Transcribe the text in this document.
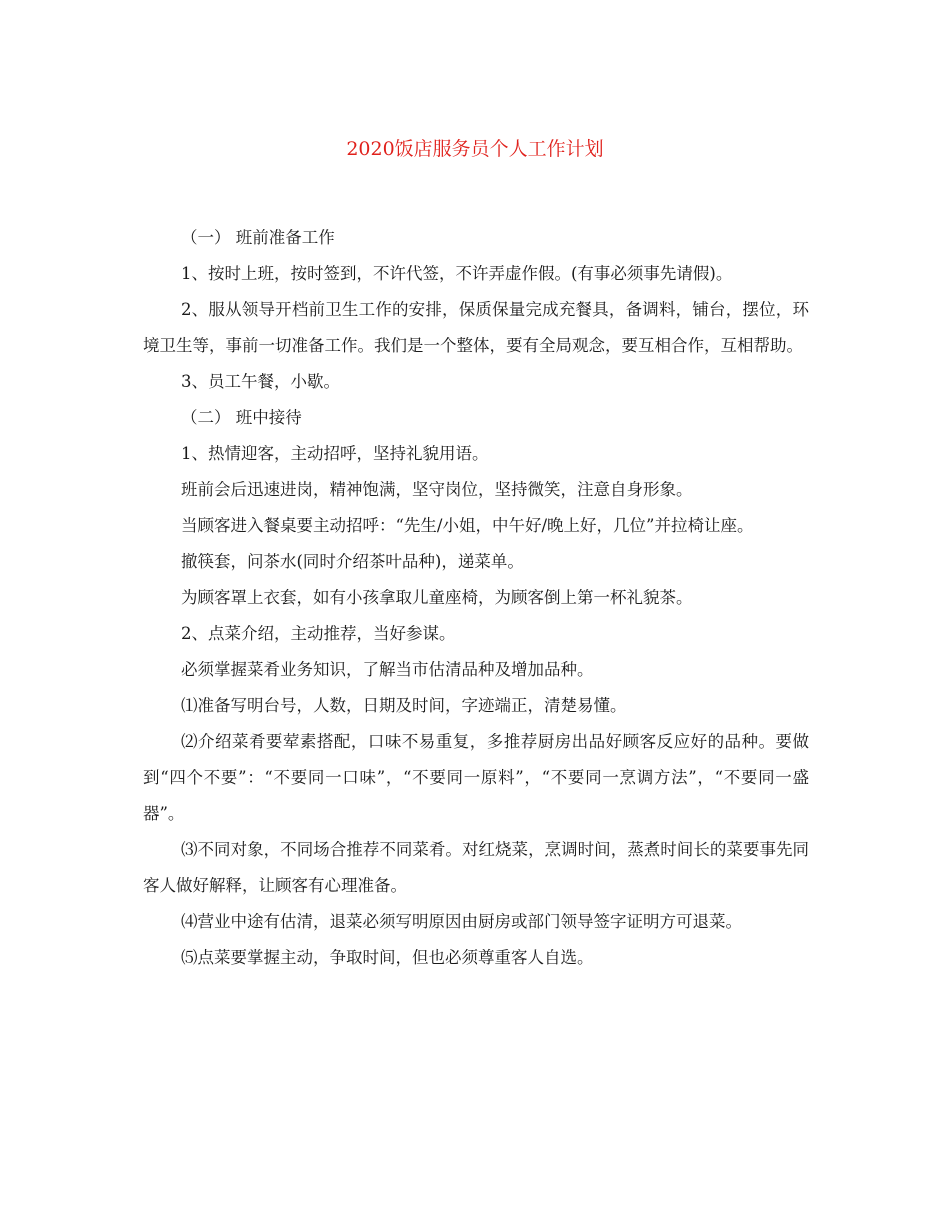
2020饭店服务员个人工作计划

（一） 班前准备工作

1、按时上班，按时签到，不许代签，不许弄虚作假。(有事必须事先请假)。

2、服从领导开档前卫生工作的安排，保质保量完成充餐具，备调料，铺台，摆位，环境卫生等，事前一切准备工作。我们是一个整体，要有全局观念，要互相合作，互相帮助。

3、员工午餐，小歇。

（二） 班中接待

1、热情迎客，主动招呼，坚持礼貌用语。

班前会后迅速进岗，精神饱满，坚守岗位，坚持微笑，注意自身形象。

当顾客进入餐桌要主动招呼：“先生/小姐，中午好/晚上好，几位”并拉椅让座。

撤筷套，问茶水(同时介绍茶叶品种)，递菜单。

为顾客罩上衣套，如有小孩拿取儿童座椅，为顾客倒上第一杯礼貌茶。

2、点菜介绍，主动推荐，当好参谋。

必须掌握菜肴业务知识，了解当市估清品种及增加品种。

⑴准备写明台号，人数，日期及时间，字迹端正，清楚易懂。

⑵介绍菜肴要荤素搭配，口味不易重复，多推荐厨房出品好顾客反应好的品种。要做到“四个不要”：“不要同一口味”，“不要同一原料”，“不要同一烹调方法”，“不要同一盛器”。

⑶不同对象，不同场合推荐不同菜肴。对红烧菜，烹调时间，蒸煮时间长的菜要事先同客人做好解释，让顾客有心理准备。

⑷营业中途有估清，退菜必须写明原因由厨房或部门领导签字证明方可退菜。

⑸点菜要掌握主动，争取时间，但也必须尊重客人自选。
